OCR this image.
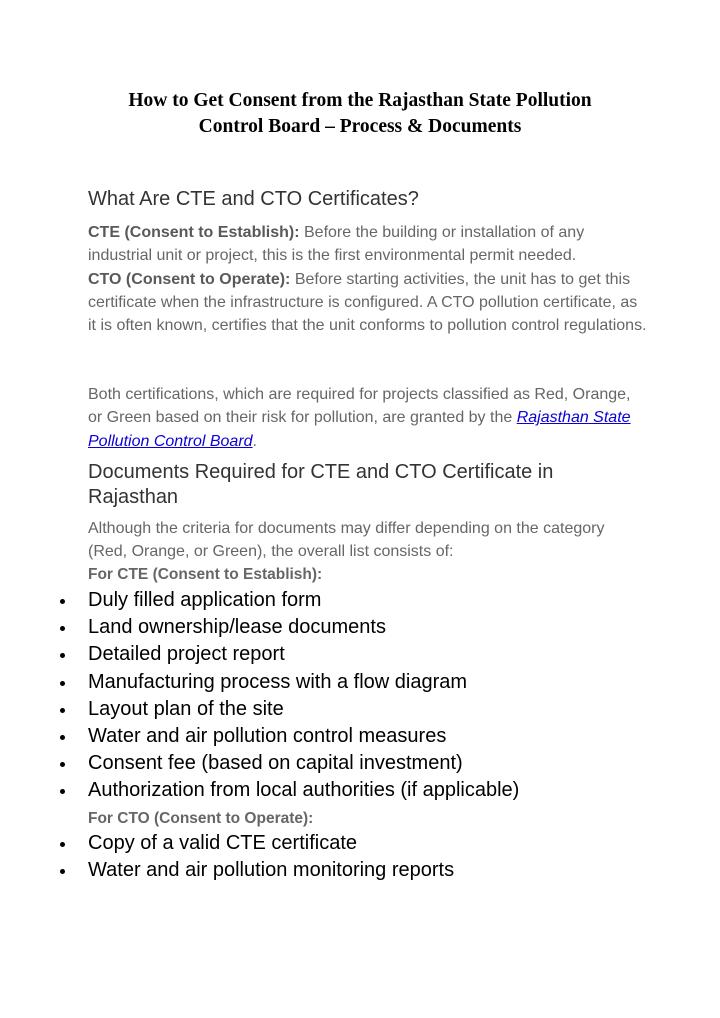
How to Get Consent from the Rajasthan State Pollution
Control Board – Process & Documents
What Are CTE and CTO Certificates?
CTE (Consent to Establish): Before the building or installation of any industrial unit or project, this is the first environmental permit needed.
CTO (Consent to Operate): Before starting activities, the unit has to get this certificate when the infrastructure is configured. A CTO pollution certificate, as it is often known, certifies that the unit conforms to pollution control regulations.
Both certifications, which are required for projects classified as Red, Orange, or Green based on their risk for pollution, are granted by the Rajasthan State Pollution Control Board.
Documents Required for CTE and CTO Certificate in Rajasthan
Although the criteria for documents may differ depending on the category (Red, Orange, or Green), the overall list consists of:
For CTE (Consent to Establish):
Duly filled application form
Land ownership/lease documents
Detailed project report
Manufacturing process with a flow diagram
Layout plan of the site
Water and air pollution control measures
Consent fee (based on capital investment)
Authorization from local authorities (if applicable)
For CTO (Consent to Operate):
Copy of a valid CTE certificate
Water and air pollution monitoring reports
